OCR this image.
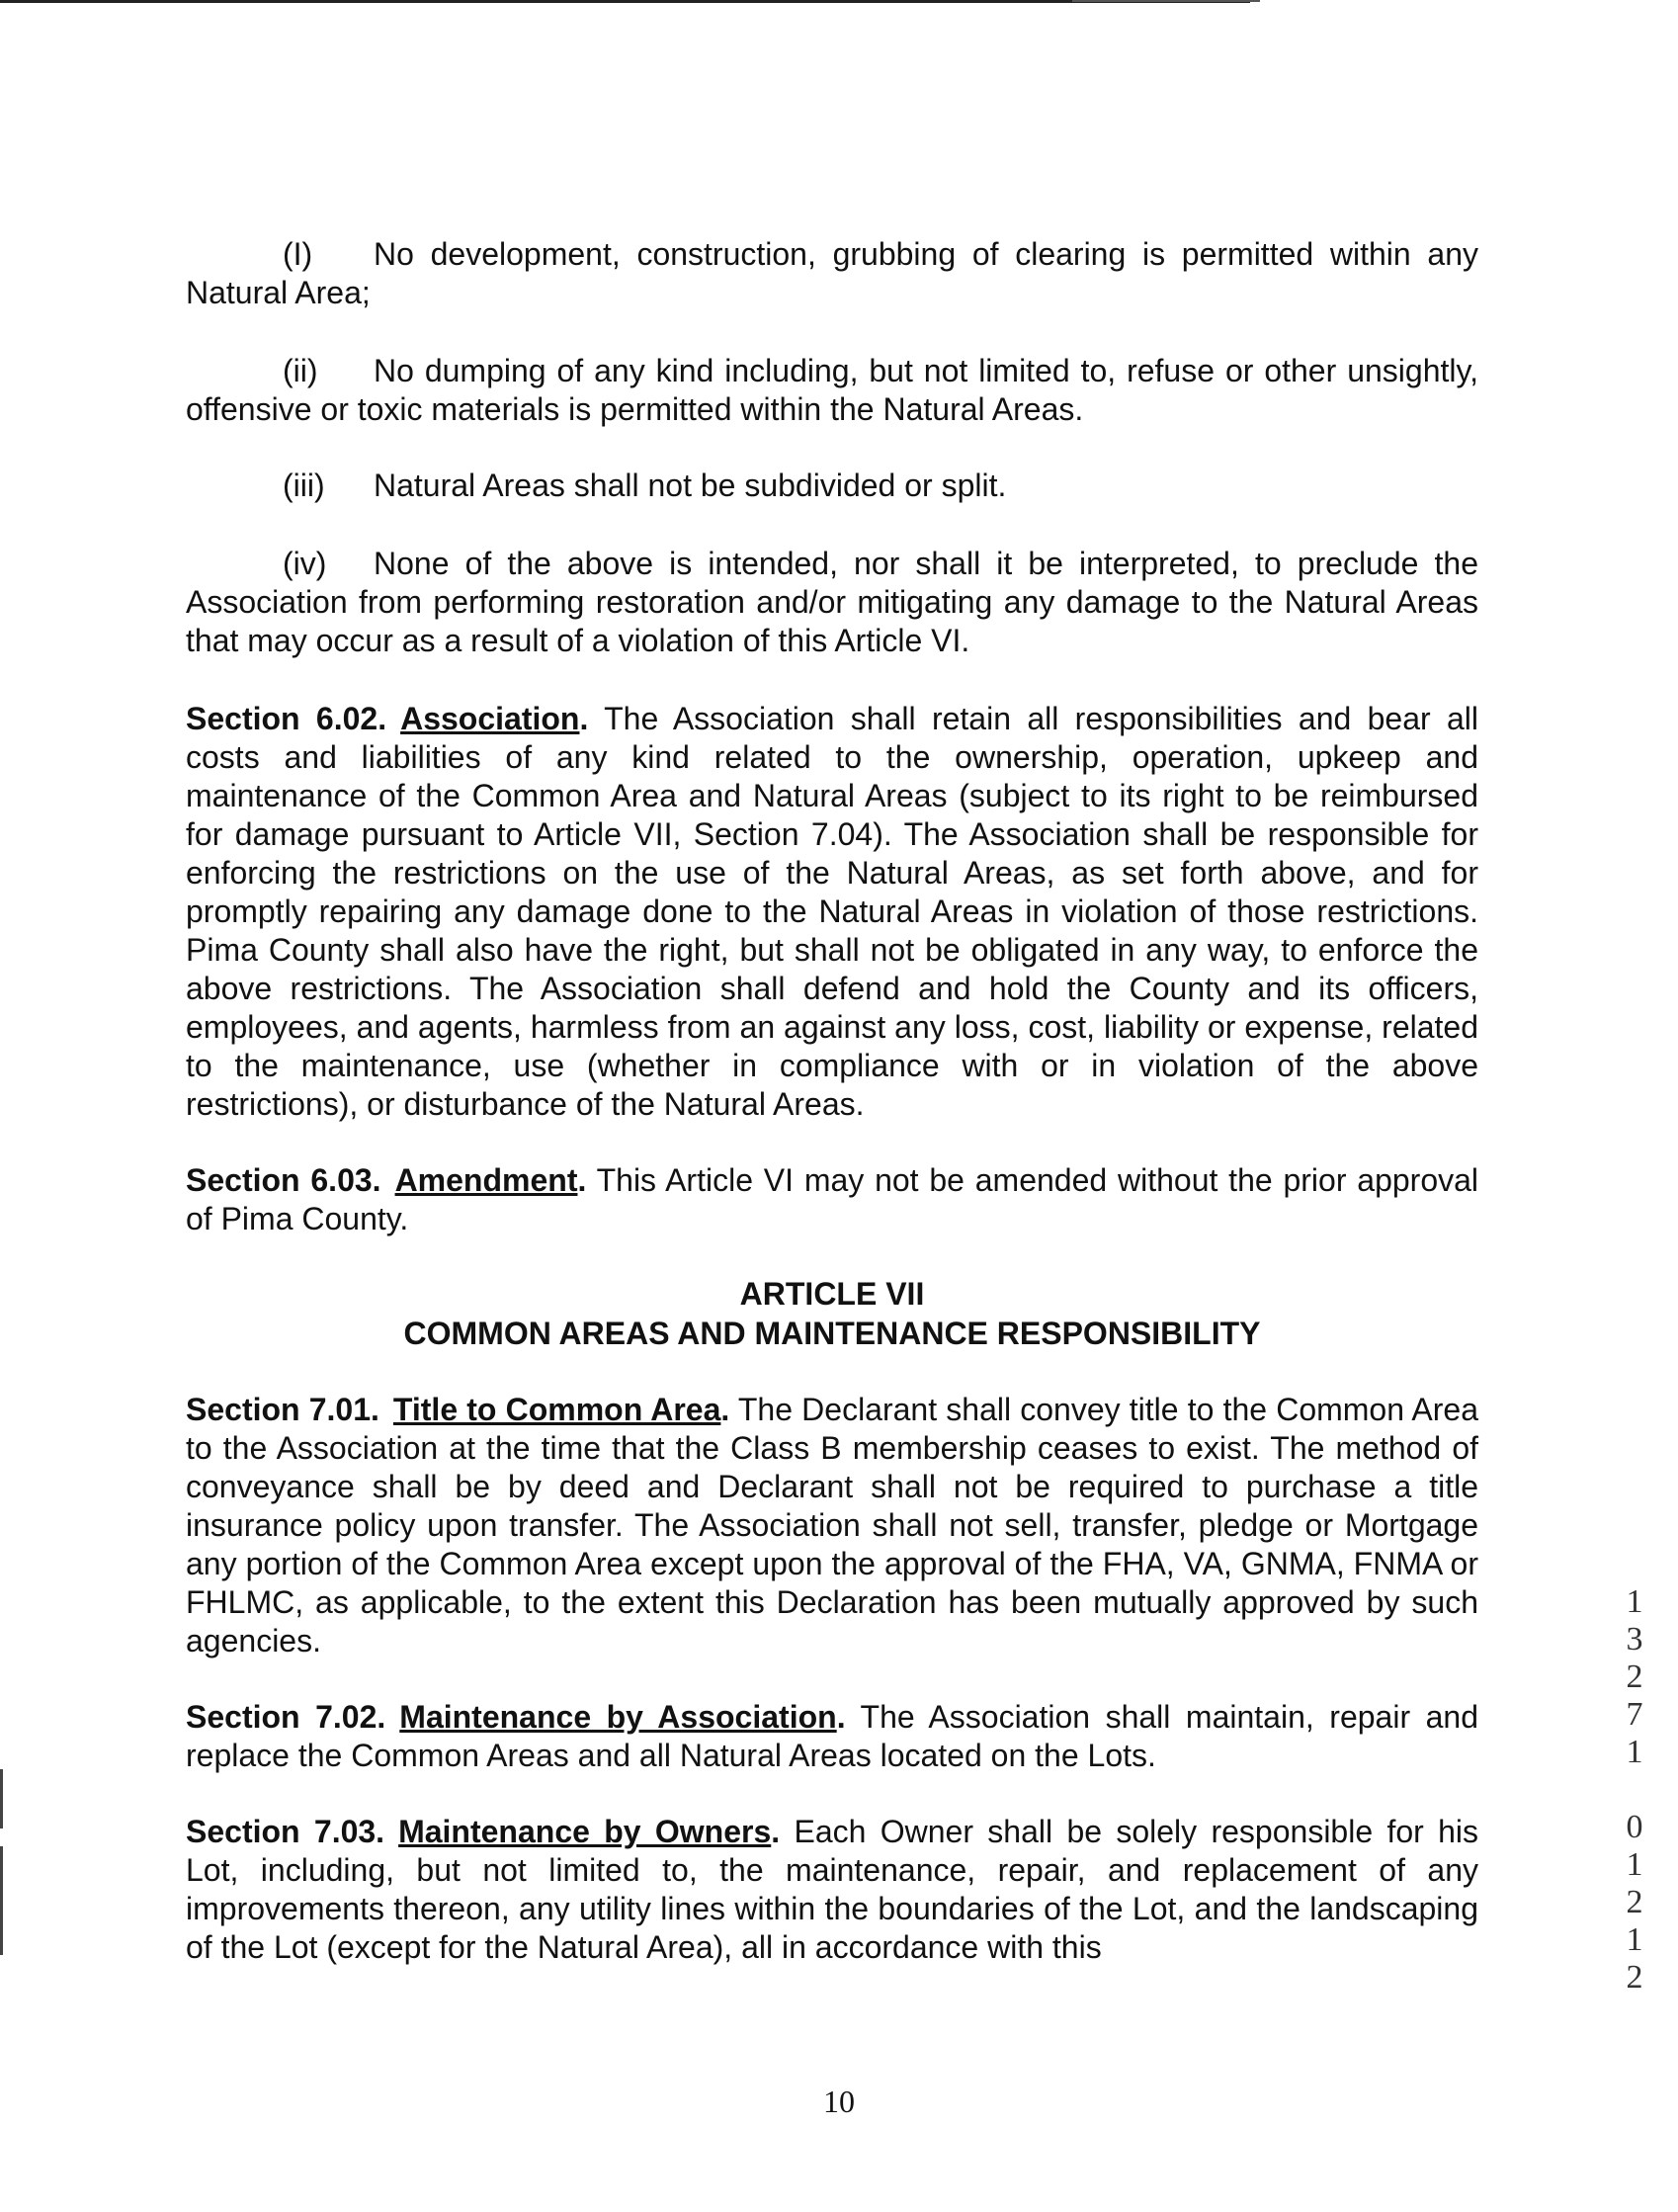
(I) No development, construction, grubbing of clearing is permitted within any Natural Area;

(ii) No dumping of any kind including, but not limited to, refuse or other unsightly, offensive or toxic materials is permitted within the Natural Areas.

(iii) Natural Areas shall not be subdivided or split.

(iv) None of the above is intended, nor shall it be interpreted, to preclude the Association from performing restoration and/or mitigating any damage to the Natural Areas that may occur as a result of a violation of this Article VI.

Section 6.02. Association. The Association shall retain all responsibilities and bear all costs and liabilities of any kind related to the ownership, operation, upkeep and maintenance of the Common Area and Natural Areas (subject to its right to be reimbursed for damage pursuant to Article VII, Section 7.04). The Association shall be responsible for enforcing the restrictions on the use of the Natural Areas, as set forth above, and for promptly repairing any damage done to the Natural Areas in violation of those restrictions. Pima County shall also have the right, but shall not be obligated in any way, to enforce the above restrictions. The Association shall defend and hold the County and its officers, employees, and agents, harmless from an against any loss, cost, liability or expense, related to the maintenance, use (whether in compliance with or in violation of the above restrictions), or disturbance of the Natural Areas.

Section 6.03. Amendment. This Article VI may not be amended without the prior approval of Pima County.

ARTICLE VII
COMMON AREAS AND MAINTENANCE RESPONSIBILITY

Section 7.01. Title to Common Area. The Declarant shall convey title to the Common Area to the Association at the time that the Class B membership ceases to exist. The method of conveyance shall be by deed and Declarant shall not be required to purchase a title insurance policy upon transfer. The Association shall not sell, transfer, pledge or Mortgage any portion of the Common Area except upon the approval of the FHA, VA, GNMA, FNMA or FHLMC, as applicable, to the extent this Declaration has been mutually approved by such agencies.

Section 7.02. Maintenance by Association. The Association shall maintain, repair and replace the Common Areas and all Natural Areas located on the Lots.

Section 7.03. Maintenance by Owners. Each Owner shall be solely responsible for his Lot, including, but not limited to, the maintenance, repair, and replacement of any improvements thereon, any utility lines within the boundaries of the Lot, and the landscaping of the Lot (except for the Natural Area), all in accordance with this

1
3
2
7
1
0
1
2
1
2
10
